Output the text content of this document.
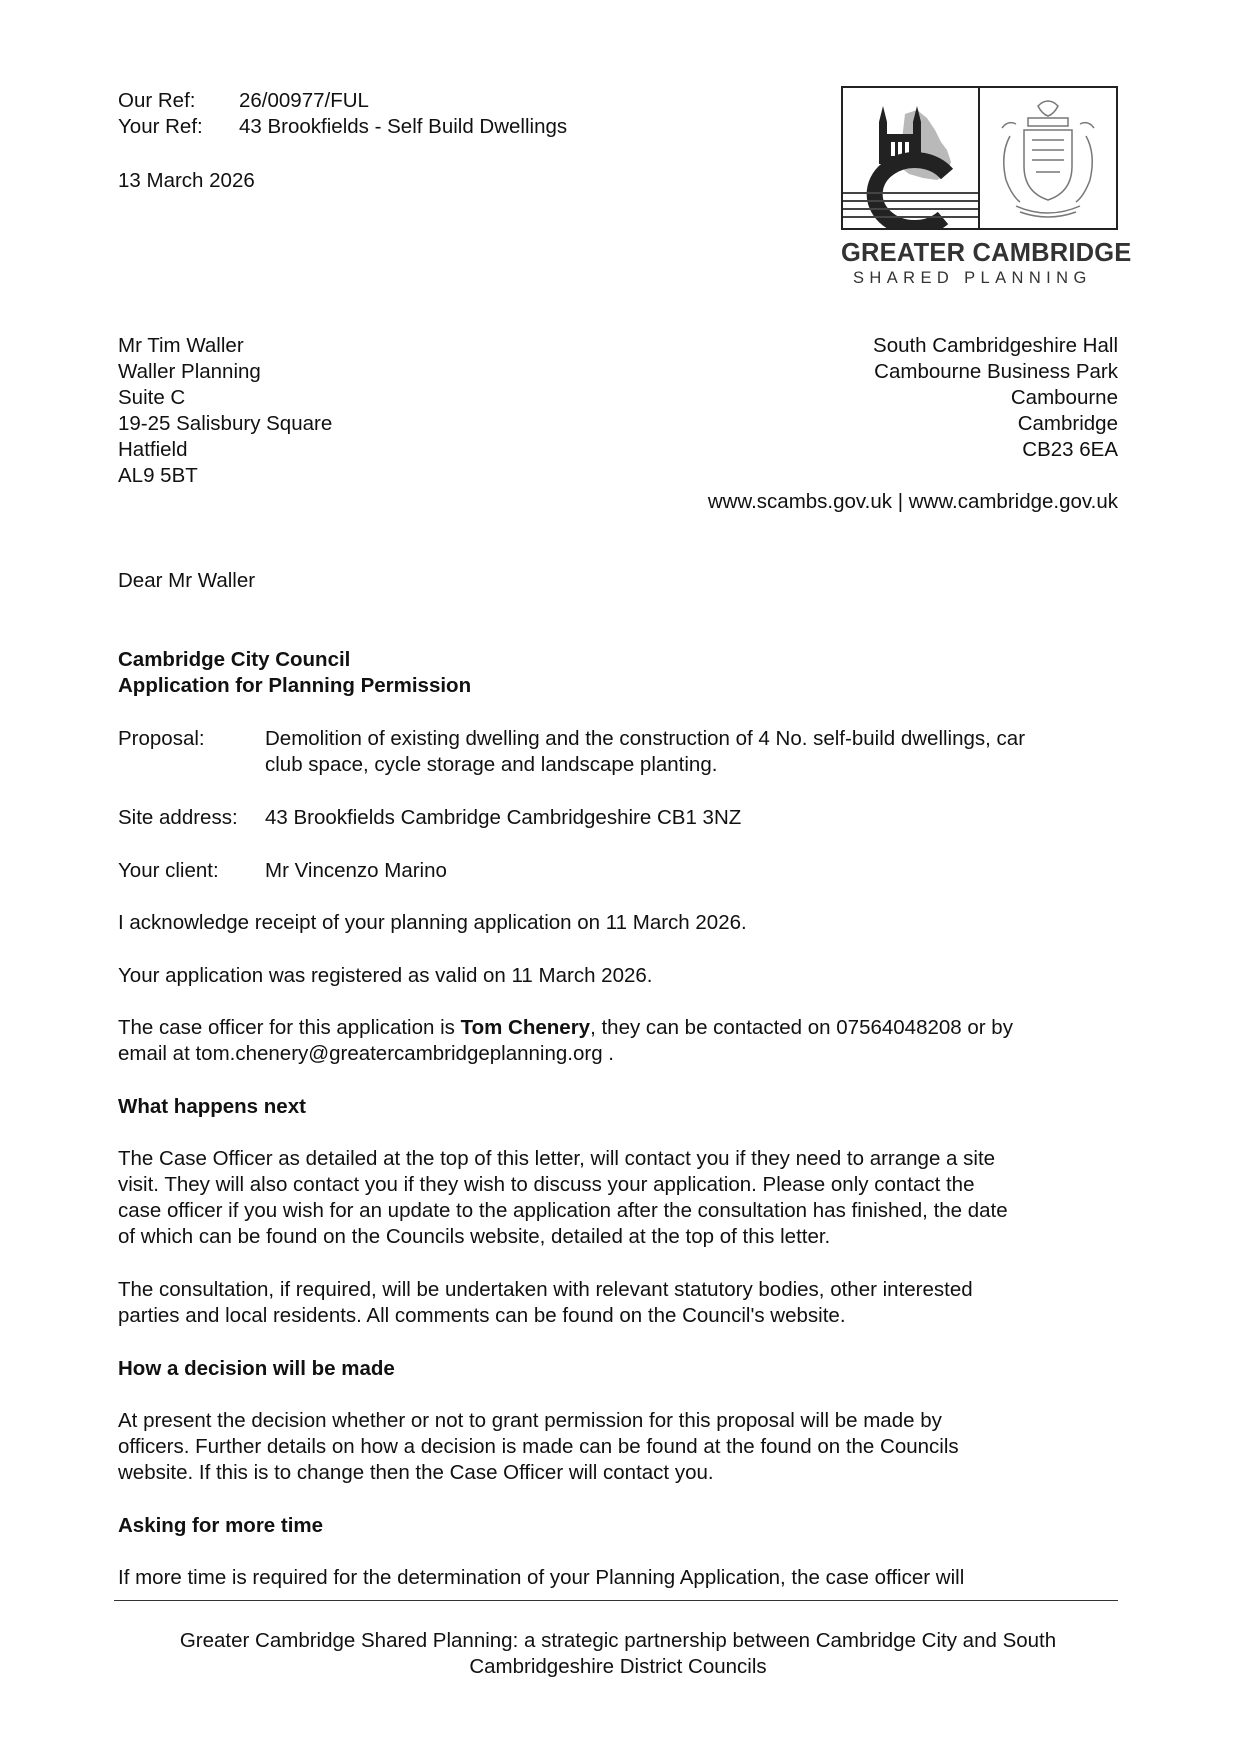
Our Ref:	26/00977/FUL
Your Ref:	43 Brookfields - Self Build Dwellings
13 March 2026
GREATER CAMBRIDGE
SHARED PLANNING
Mr Tim Waller
Waller Planning
Suite C
19-25 Salisbury Square
Hatfield
AL9 5BT
South Cambridgeshire Hall
Cambourne Business Park
Cambourne
Cambridge
CB23 6EA
www.scambs.gov.uk | www.cambridge.gov.uk
Dear Mr Waller
Cambridge City Council
Application for Planning Permission
Proposal:	Demolition of existing dwelling and the construction of 4 No. self-build dwellings, car
club space, cycle storage and landscape planting.
Site address:	43 Brookfields Cambridge Cambridgeshire CB1 3NZ
Your client:	Mr Vincenzo Marino
I acknowledge receipt of your planning application on 11 March 2026.
Your application was registered as valid on 11 March 2026.
The case officer for this application is Tom Chenery, they can be contacted on 07564048208 or by
email at tom.chenery@greatercambridgeplanning.org .
What happens next
The Case Officer as detailed at the top of this letter, will contact you if they need to arrange a site
visit. They will also contact you if they wish to discuss your application. Please only contact the
case officer if you wish for an update to the application after the consultation has finished, the date
of which can be found on the Councils website, detailed at the top of this letter.
The consultation, if required, will be undertaken with relevant statutory bodies, other interested
parties and local residents. All comments can be found on the Council's website.
How a decision will be made
At present the decision whether or not to grant permission for this proposal will be made by
officers. Further details on how a decision is made can be found at the found on the Councils
website. If this is to change then the Case Officer will contact you.
Asking for more time
If more time is required for the determination of your Planning Application, the case officer will
Greater Cambridge Shared Planning: a strategic partnership between Cambridge City and South
Cambridgeshire District Councils
